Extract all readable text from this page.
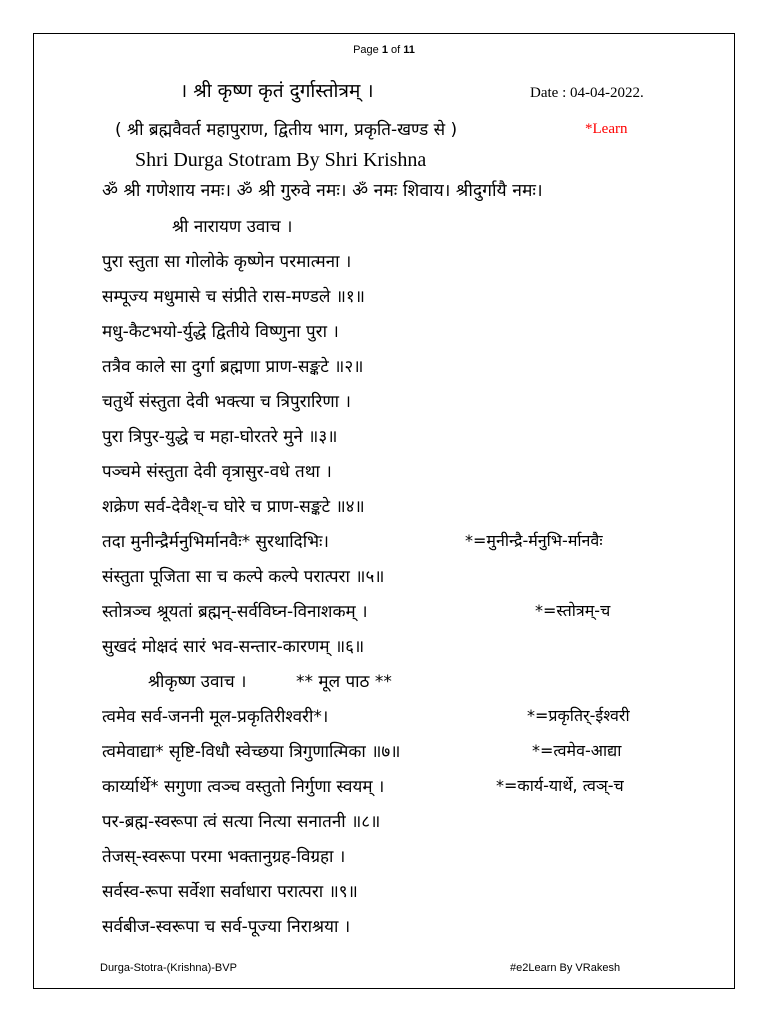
Page 1 of 11
। श्री कृष्ण कृतं दुर्गास्तोत्रम् ।	Date : 04-04-2022.
( श्री ब्रह्मवैवर्त महापुराण, द्वितीय भाग, प्रकृति-खण्ड से )	*Learn
Shri Durga Stotram By Shri Krishna
ॐ श्री गणेशाय नमः। ॐ श्री गुरुवे नमः। ॐ नमः शिवाय। श्रीदुर्गायै नमः।
श्री नारायण उवाच ।
पुरा स्तुता सा गोलोके कृष्णेन परमात्मना ।
सम्पूज्य मधुमासे च संप्रीते रास-मण्डले ॥१॥
मधु-कैटभयो-र्युद्धे द्वितीये विष्णुना पुरा ।
तत्रैव काले सा दुर्गा ब्रह्मणा प्राण-सङ्कटे ॥२॥
चतुर्थे संस्तुता देवी भक्त्या च त्रिपुरारिणा ।
पुरा त्रिपुर-युद्धे च महा-घोरतरे मुने ॥३॥
पञ्चमे संस्तुता देवी वृत्रासुर-वधे तथा ।
शक्रेण सर्व-देवैश्-च घोरे च प्राण-सङ्कटे ॥४॥
तदा मुनीन्द्रैर्मनुभिर्मानवैः* सुरथादिभिः।	*=मुनीन्द्रै-र्मनुभि-र्मानवैः
संस्तुता पूजिता सा च कल्पे कल्पे परात्परा ॥५॥
स्तोत्रञ्च श्रूयतां ब्रह्मन्-सर्वविघ्न-विनाशकम् ।	*=स्तोत्रम्-च
सुखदं मोक्षदं सारं भव-सन्तार-कारणम् ॥६॥
श्रीकृष्ण उवाच ।	** मूल पाठ **
त्वमेव सर्व-जननी मूल-प्रकृतिरीश्वरी*।	*=प्रकृतिर्-ईश्वरी
त्वमेवाद्या* सृष्टि-विधौ स्वेच्छया त्रिगुणात्मिका ॥७॥	*=त्वमेव-आद्या
कार्य्यार्थे* सगुणा त्वञ्च वस्तुतो निर्गुणा स्वयम् ।	*=कार्य-यार्थे, त्वञ्-च
पर-ब्रह्म-स्वरूपा त्वं सत्या नित्या सनातनी ॥८॥
तेजस्-स्वरूपा परमा भक्तानुग्रह-विग्रहा ।
सर्वस्व-रूपा सर्वेशा सर्वाधारा परात्परा ॥९॥
सर्वबीज-स्वरूपा च सर्व-पूज्या निराश्रया ।
Durga-Stotra-(Krishna)-BVP	#e2Learn By VRakesh
